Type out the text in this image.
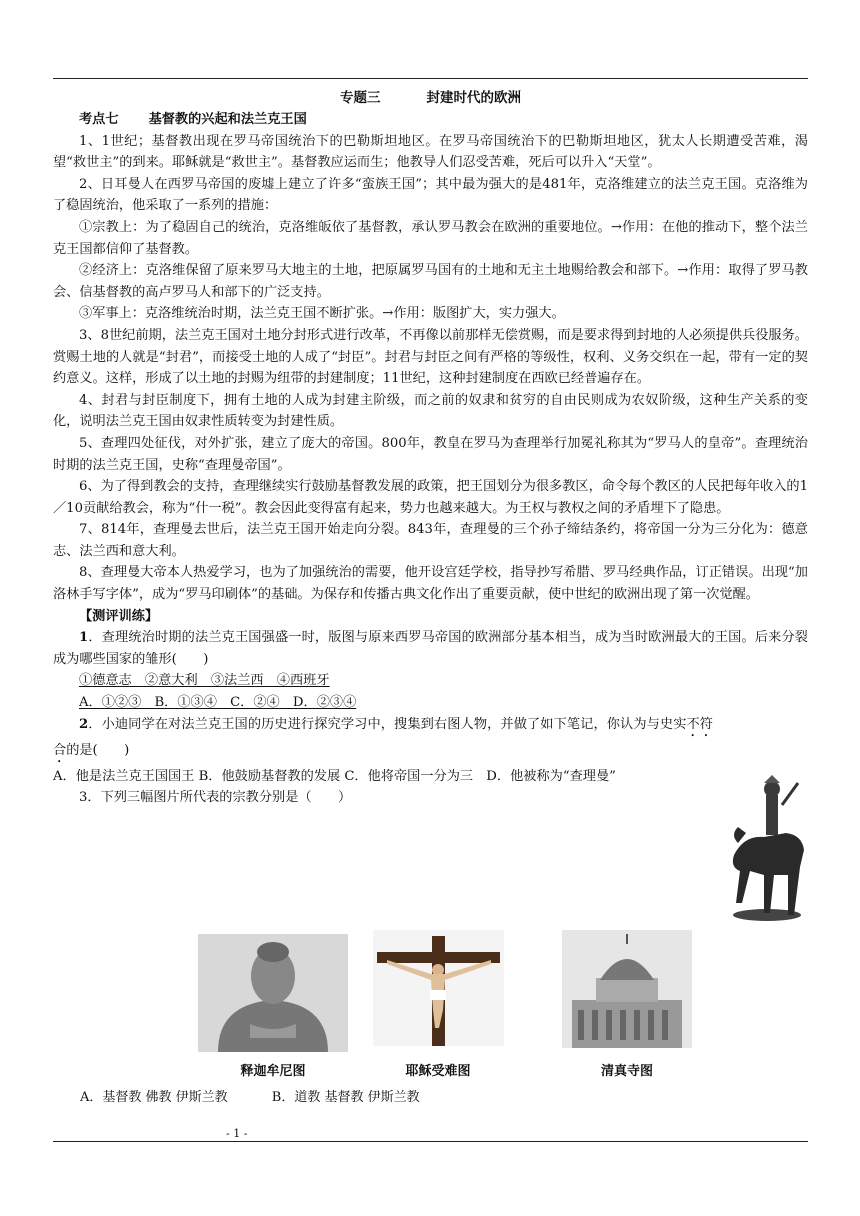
专题三	封建时代的欧洲
考点七 基督教的兴起和法兰克王国

1、1世纪；基督教出现在罗马帝国统治下的巴勒斯坦地区。在罗马帝国统治下的巴勒斯坦地区，犹太人长期遭受苦难，渴望“救世主”的到来。耶稣就是“救世主”。基督教应运而生；他教导人们忍受苦难，死后可以升入“天堂”。

2、日耳曼人在西罗马帝国的废墟上建立了许多“蛮族王国”；其中最为强大的是481年，克洛维建立的法兰克王国。克洛维为了稳固统治，他采取了一系列的措施：

①宗教上：为了稳固自己的统治，克洛维皈依了基督教，承认罗马教会在欧洲的重要地位。→作用：在他的推动下，整个法兰克王国都信仰了基督教。

②经济上：克洛维保留了原来罗马大地主的土地，把原属罗马国有的土地和无主土地赐给教会和部下。→作用：取得了罗马教会、信基督教的高卢罗马人和部下的广泛支持。

③军事上：克洛维统治时期，法兰克王国不断扩张。→作用：版图扩大，实力强大。

3、8世纪前期，法兰克王国对土地分封形式进行改革，不再像以前那样无偿赏赐，而是要求得到封地的人必须提供兵役服务。赏赐土地的人就是“封君”，而接受土地的人成了“封臣”。封君与封臣之间有严格的等级性，权利、义务交织在一起，带有一定的契约意义。这样，形成了以土地的封赐为纽带的封建制度；11世纪，这种封建制度在西欧已经普遍存在。

4、封君与封臣制度下，拥有土地的人成为封建主阶级，而之前的奴隶和贫穷的自由民则成为农奴阶级，这种生产关系的变化，说明法兰克王国由奴隶性质转变为封建性质。

5、查理四处征伐，对外扩张，建立了庞大的帝国。800年，教皇在罗马为查理举行加冕礼称其为“罗马人的皇帝”。查理统治时期的法兰克王国，史称“查理曼帝国”。

6、为了得到教会的支持，查理继续实行鼓励基督教发展的政策，把王国划分为很多教区，命令每个教区的人民把每年收入的1／10贡献给教会，称为“什一税”。教会因此变得富有起来，势力也越来越大。为王权与教权之间的矛盾埋下了隐患。

7、814年，查理曼去世后，法兰克王国开始走向分裂。843年，查理曼的三个孙子缔结条约，将帝国一分为三分化为：德意志、法兰西和意大利。

8、查理曼大帝本人热爱学习，也为了加强统治的需要，他开设宫廷学校，指导抄写希腊、罗马经典作品，订正错误。出现“加洛林手写字体”，成为“罗马印刷体”的基础。为保存和传播古典文化作出了重要贡献，使中世纪的欧洲出现了第一次觉醒。

【测评训练】

1．查理统治时期的法兰克王国强盛一时，版图与原来西罗马帝国的欧洲部分基本相当，成为当时欧洲最大的王国。后来分裂成为哪些国家的雏形(　　)

①德意志　②意大利　③法兰西　④西班牙

A．①②③　B．①③④　C．②④　D．②③④

2．小迪同学在对法兰克王国的历史进行探究学习中，搜集到右图人物，并做了如下笔记，你认为与史实不符合的是(　　)

A．他是法兰克王国国王 B．他鼓励基督教的发展 C．他将帝国一分为三　D．他被称为“查理曼”

3．下列三幅图片所代表的宗教分别是（　　）

释迦牟尼图	耶稣受难图	清真寺图
A．基督教 佛教 伊斯兰教	B．道教 基督教 伊斯兰教
- 1 -
